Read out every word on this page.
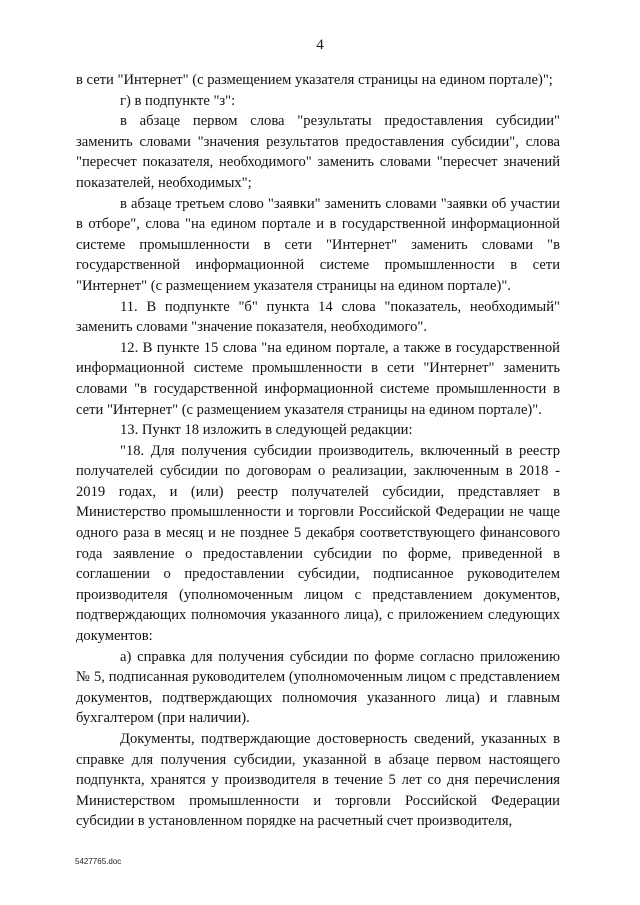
4

в сети "Интернет" (с размещением указателя страницы на едином портале)";

г) в подпункте "з":

в абзаце первом слова "результаты предоставления субсидии" заменить словами "значения результатов предоставления субсидии", слова "пересчет показателя, необходимого" заменить словами "пересчет значений показателей, необходимых";

в абзаце третьем слово "заявки" заменить словами "заявки об участии в отборе", слова "на едином портале и в государственной информационной системе промышленности в сети "Интернет" заменить словами "в государственной информационной системе промышленности в сети "Интернет" (с размещением указателя страницы на едином портале)".

11. В подпункте "б" пункта 14 слова "показатель, необходимый" заменить словами "значение показателя, необходимого".

12. В пункте 15 слова "на едином портале, а также в государственной информационной системе промышленности в сети "Интернет" заменить словами "в государственной информационной системе промышленности в сети "Интернет" (с размещением указателя страницы на едином портале)".

13. Пункт 18 изложить в следующей редакции:

"18. Для получения субсидии производитель, включенный в реестр получателей субсидии по договорам о реализации, заключенным в 2018 - 2019 годах, и (или) реестр получателей субсидии, представляет в Министерство промышленности и торговли Российской Федерации не чаще одного раза в месяц и не позднее 5 декабря соответствующего финансового года заявление о предоставлении субсидии по форме, приведенной в соглашении о предоставлении субсидии, подписанное руководителем производителя (уполномоченным лицом с представлением документов, подтверждающих полномочия указанного лица), с приложением следующих документов:

а) справка для получения субсидии по форме согласно приложению № 5, подписанная руководителем (уполномоченным лицом с представлением документов, подтверждающих полномочия указанного лица) и главным бухгалтером (при наличии).

Документы, подтверждающие достоверность сведений, указанных в справке для получения субсидии, указанной в абзаце первом настоящего подпункта, хранятся у производителя в течение 5 лет со дня перечисления Министерством промышленности и торговли Российской Федерации субсидии в установленном порядке на расчетный счет производителя,

5427765.doc
